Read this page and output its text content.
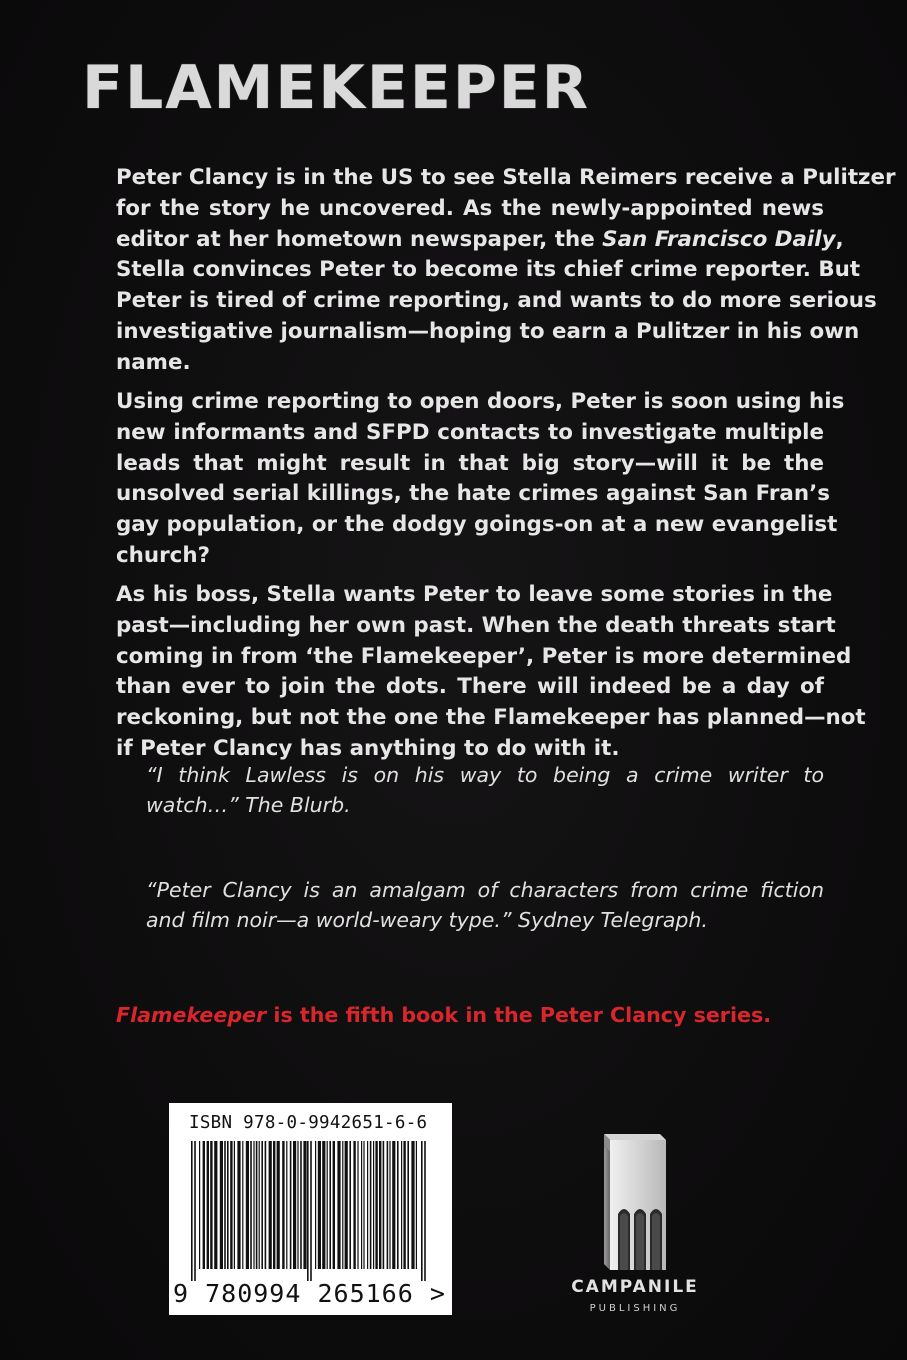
FLAMEKEEPER
Peter Clancy is in the US to see Stella Reimers receive a Pulitzer
for the story he uncovered. As the newly-appointed news
editor at her hometown newspaper, the San Francisco Daily,
Stella convinces Peter to become its chief crime reporter. But
Peter is tired of crime reporting, and wants to do more serious
investigative journalism—hoping to earn a Pulitzer in his own
name.
Using crime reporting to open doors, Peter is soon using his
new informants and SFPD contacts to investigate multiple
leads that might result in that big story—will it be the
unsolved serial killings, the hate crimes against San Fran’s
gay population, or the dodgy goings-on at a new evangelist
church?
As his boss, Stella wants Peter to leave some stories in the
past—including her own past. When the death threats start
coming in from ‘the Flamekeeper’, Peter is more determined
than ever to join the dots. There will indeed be a day of
reckoning, but not the one the Flamekeeper has planned—not
if Peter Clancy has anything to do with it.
“I think Lawless is on his way to being a crime writer to
watch…” The Blurb.
“Peter Clancy is an amalgam of characters from crime fiction
and film noir—a world-weary type.” Sydney Telegraph.
Flamekeeper is the fifth book in the Peter Clancy series.
ISBN 978-0-9942651-6-6
9 780994 265166 >	CAMPANILE
PUBLISHING
